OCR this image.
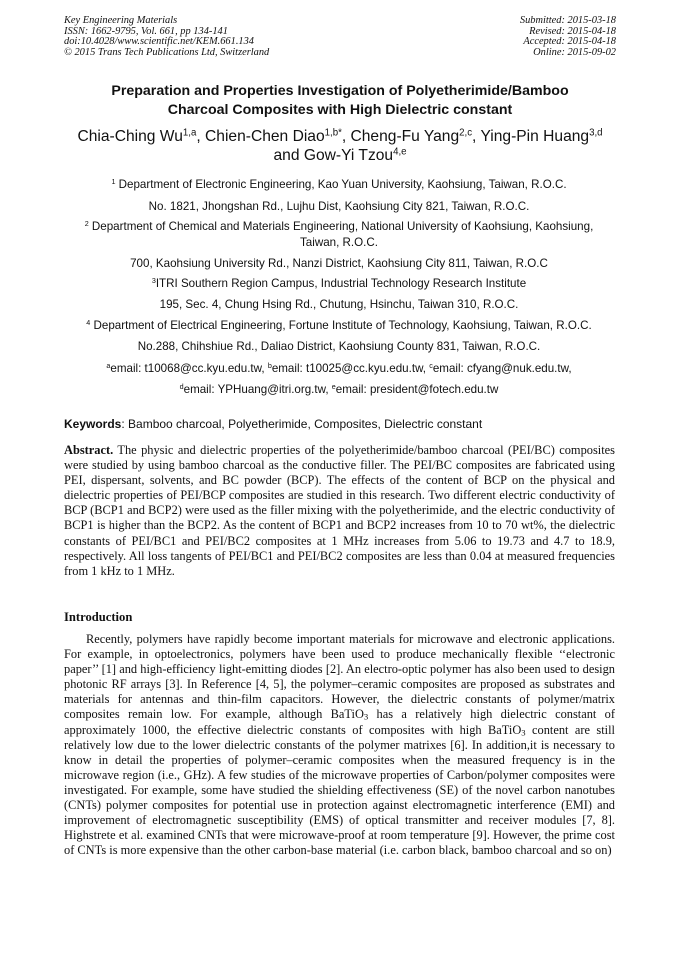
Key Engineering Materials
ISSN: 1662-9795, Vol. 661, pp 134-141
doi:10.4028/www.scientific.net/KEM.661.134
© 2015 Trans Tech Publications Ltd, Switzerland
Submitted: 2015-03-18
Revised: 2015-04-18
Accepted: 2015-04-18
Online: 2015-09-02
Preparation and Properties Investigation of Polyetherimide/Bamboo
Charcoal Composites with High Dielectric constant
Chia-Ching Wu$^{1,a}$, Chien-Chen Diao$^{1,b*}$, Cheng-Fu Yang$^{2,c}$, Ying-Pin Huang$^{3,d}$
and Gow-Yi Tzou$^{4,e}$
$^1$ Department of Electronic Engineering, Kao Yuan University, Kaohsiung, Taiwan, R.O.C.
No. 1821, Jhongshan Rd., Lujhu Dist, Kaohsiung City 821, Taiwan, R.O.C.
$^2$ Department of Chemical and Materials Engineering, National University of Kaohsiung, Kaohsiung,
Taiwan, R.O.C.
700, Kaohsiung University Rd., Nanzi District, Kaohsiung City 811, Taiwan, R.O.C
$^3$ITRI Southern Region Campus, Industrial Technology Research Institute
195, Sec. 4, Chung Hsing Rd., Chutung, Hsinchu, Taiwan 310, R.O.C.
$^4$ Department of Electrical Engineering, Fortune Institute of Technology, Kaohsiung, Taiwan, R.O.C.
No.288, Chihshiue Rd., Daliao District, Kaohsiung County 831, Taiwan, R.O.C.
$^a$email: t10068@cc.kyu.edu.tw, $^b$email: t10025@cc.kyu.edu.tw, $^c$email: cfyang@nuk.edu.tw,
$^d$email: YPHuang@itri.org.tw, $^e$email: president@fotech.edu.tw
Keywords: Bamboo charcoal, Polyetherimide, Composites, Dielectric constant
Abstract. The physic and dielectric properties of the polyetherimide/bamboo charcoal (PEI/BC) composites were studied by using bamboo charcoal as the conductive filler. The PEI/BC composites are fabricated using PEI, dispersant, solvents, and BC powder (BCP). The effects of the content of BCP on the physical and dielectric properties of PEI/BCP composites are studied in this research. Two different electric conductivity of BCP (BCP1 and BCP2) were used as the filler mixing with the polyetherimide, and the electric conductivity of BCP1 is higher than the BCP2. As the content of BCP1 and BCP2 increases from 10 to 70 wt%, the dielectric constants of PEI/BC1 and PEI/BC2 composites at 1 MHz increases from 5.06 to 19.73 and 4.7 to 18.9, respectively. All loss tangents of PEI/BC1 and PEI/BC2 composites are less than 0.04 at measured frequencies from 1 kHz to 1 MHz.
Introduction
Recently, polymers have rapidly become important materials for microwave and electronic applications. For example, in optoelectronics, polymers have been used to produce mechanically flexible ‘‘electronic paper’’ [1] and high-efficiency light-emitting diodes [2]. An electro-optic polymer has also been used to design photonic RF arrays [3]. In Reference [4, 5], the polymer–ceramic composites are proposed as substrates and materials for antennas and thin-film capacitors. However, the dielectric constants of polymer/matrix composites remain low. For example, although BaTiO$_3$ has a relatively high dielectric constant of approximately 1000, the effective dielectric constants of composites with high BaTiO$_3$ content are still relatively low due to the lower dielectric constants of the polymer matrixes [6]. In addition,it is necessary to know in detail the properties of polymer–ceramic composites when the measured frequency is in the microwave region (i.e., GHz). A few studies of the microwave properties of Carbon/polymer composites were investigated. For example, some have studied the shielding effectiveness (SE) of the novel carbon nanotubes (CNTs) polymer composites for potential use in protection against electromagnetic interference (EMI) and improvement of electromagnetic susceptibility (EMS) of optical transmitter and receiver modules [7, 8]. Highstrete et al. examined CNTs that were microwave-proof at room temperature [9]. However, the prime cost of CNTs is more expensive than the other carbon-base material (i.e. carbon black, bamboo charcoal and so on)
